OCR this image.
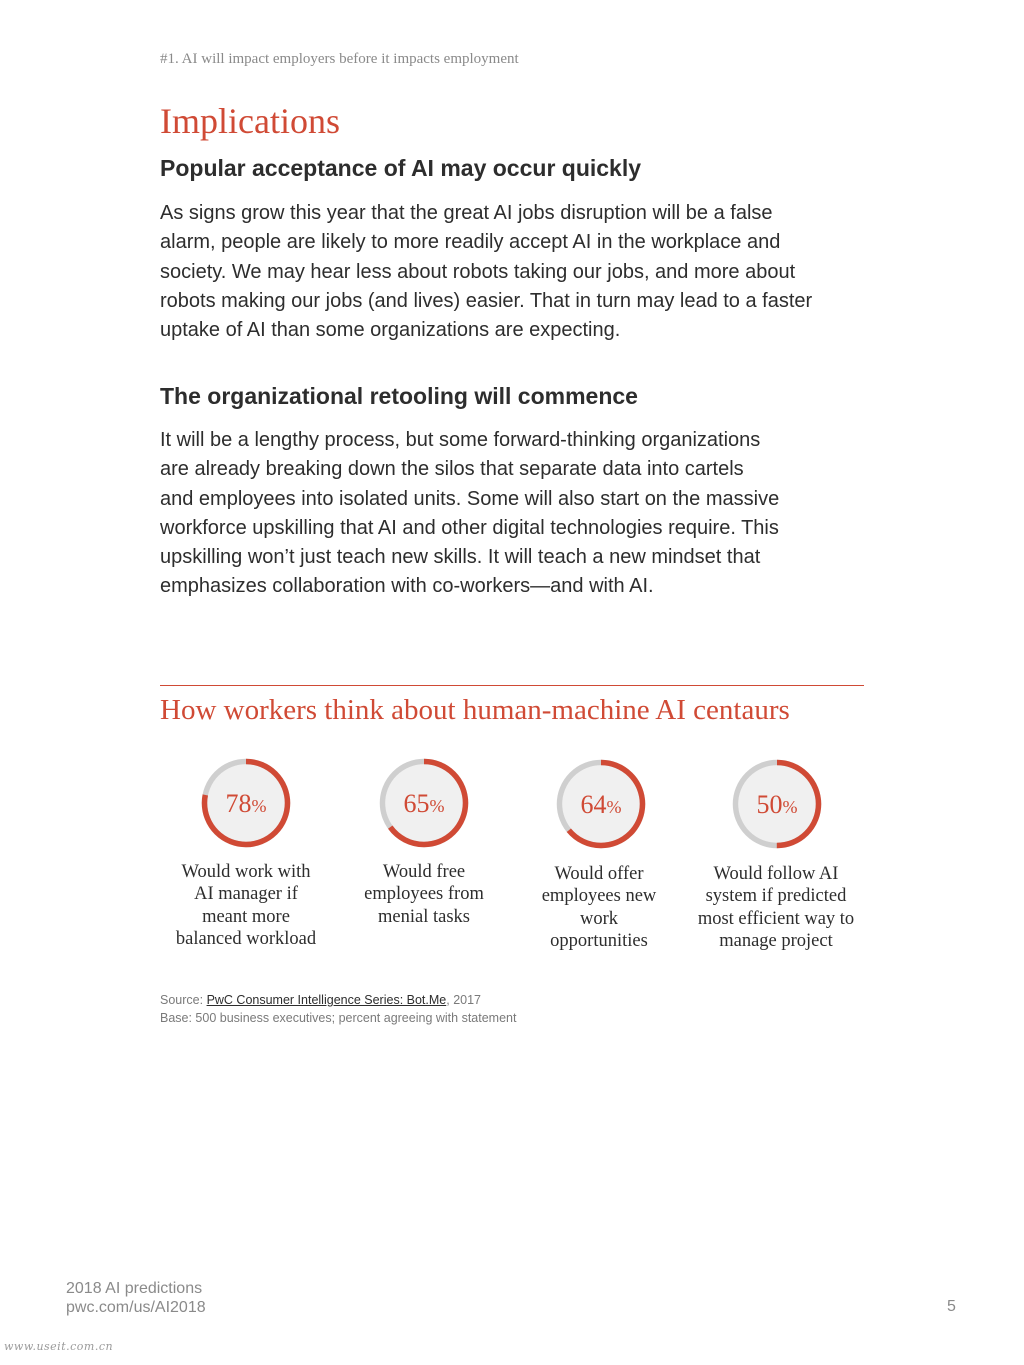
#1. AI will impact employers before it impacts employment
Implications
Popular acceptance of AI may occur quickly

As signs grow this year that the great AI jobs disruption will be a false
alarm, people are likely to more readily accept AI in the workplace and
society. We may hear less about robots taking our jobs, and more about
robots making our jobs (and lives) easier. That in turn may lead to a faster
uptake of AI than some organizations are expecting.

The organizational retooling will commence

It will be a lengthy process, but some forward-thinking organizations
are already breaking down the silos that separate data into cartels
and employees into isolated units. Some will also start on the massive
workforce upskilling that AI and other digital technologies require. This
upskilling won’t just teach new skills. It will teach a new mindset that
emphasizes collaboration with co-workers—and with AI.

How workers think about human-machine AI centaurs
78%	65%	64%	50%
Would work with
AI manager if
meant more
balanced workload
Would free
employees from
menial tasks
Would offer
employees new
work
opportunities
Would follow AI
system if predicted
most efficient way to
manage project
Source: PwC Consumer Intelligence Series: Bot.Me, 2017
Base: 500 business executives; percent agreeing with statement
2018 AI predictions
pwc.com/us/AI2018	5
www.useit.com.cn
